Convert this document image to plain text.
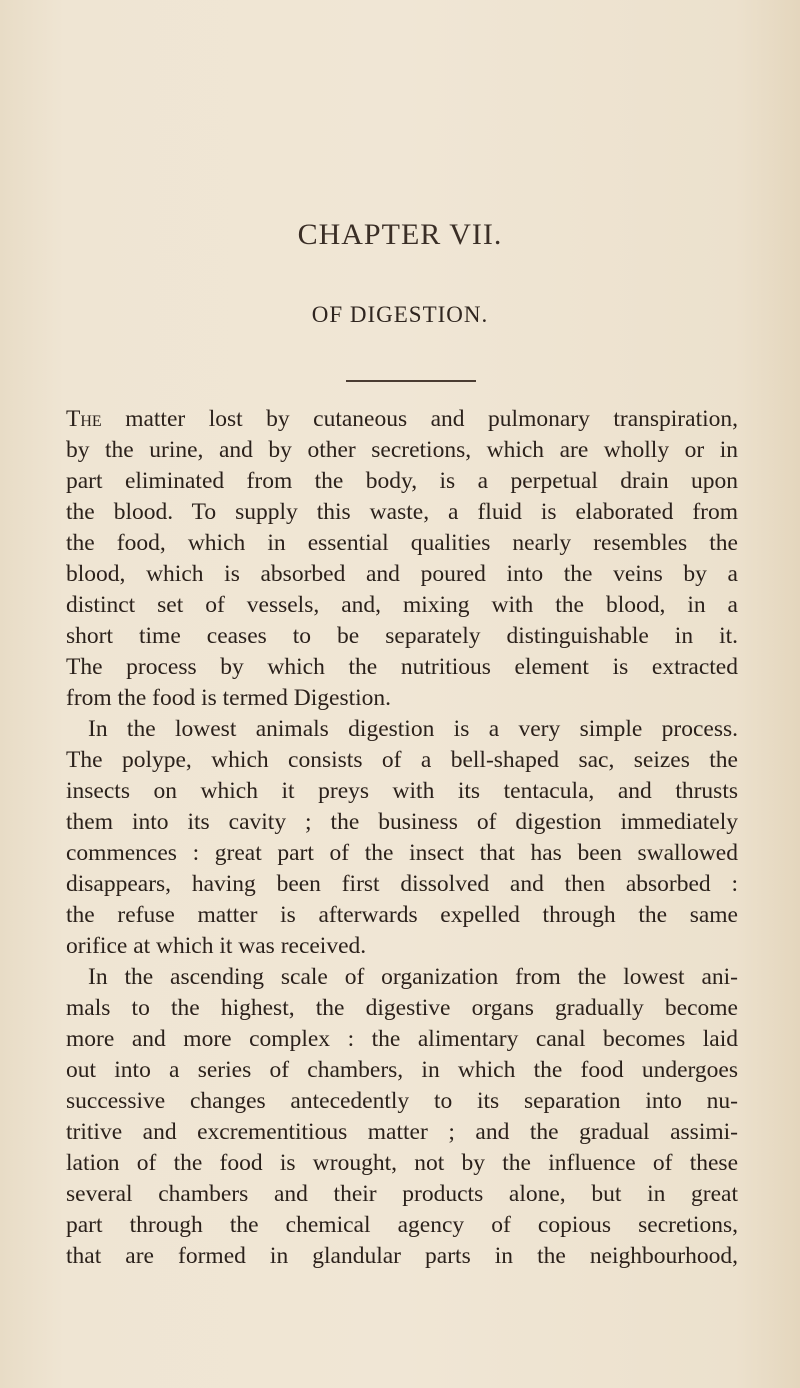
CHAPTER VII.
OF DIGESTION.
The matter lost by cutaneous and pulmonary transpiration,
by the urine, and by other secretions, which are wholly or in
part eliminated from the body, is a perpetual drain upon
the blood. To supply this waste, a fluid is elaborated from
the food, which in essential qualities nearly resembles the
blood, which is absorbed and poured into the veins by a
distinct set of vessels, and, mixing with the blood, in a
short time ceases to be separately distinguishable in it.
The process by which the nutritious element is extracted
from the food is termed Digestion.
In the lowest animals digestion is a very simple process.
The polype, which consists of a bell-shaped sac, seizes the
insects on which it preys with its tentacula, and thrusts
them into its cavity ; the business of digestion immediately
commences : great part of the insect that has been swallowed
disappears, having been first dissolved and then absorbed :
the refuse matter is afterwards expelled through the same
orifice at which it was received.
In the ascending scale of organization from the lowest ani-
mals to the highest, the digestive organs gradually become
more and more complex : the alimentary canal becomes laid
out into a series of chambers, in which the food undergoes
successive changes antecedently to its separation into nu-
tritive and excrementitious matter ; and the gradual assimi-
lation of the food is wrought, not by the influence of these
several chambers and their products alone, but in great
part through the chemical agency of copious secretions,
that are formed in glandular parts in the neighbourhood,
